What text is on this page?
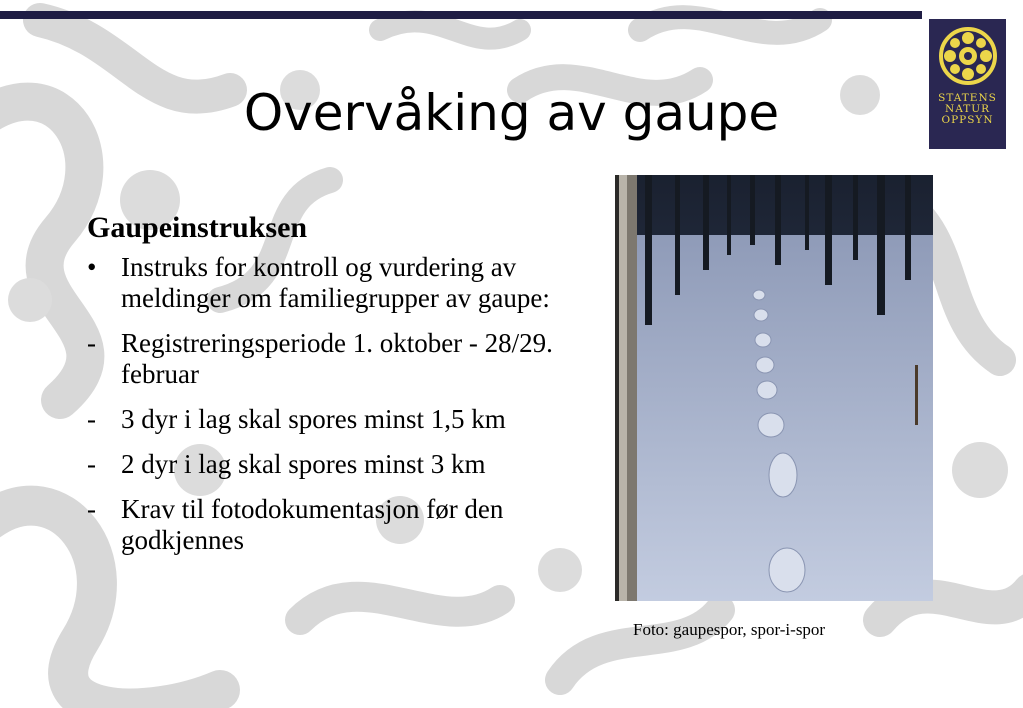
STATENS
NATUR
OPPSYN
Overvåking av gaupe
Gaupeinstruksen
• Instruks for kontroll og vurdering av meldinger om familiegrupper av gaupe:
- Registreringsperiode 1. oktober - 28/29. februar
- 3 dyr i lag skal spores minst 1,5 km
- 2 dyr i lag skal spores minst 3 km
- Krav til fotodokumentasjon før den godkjennes
Foto: gaupespor, spor-i-spor
